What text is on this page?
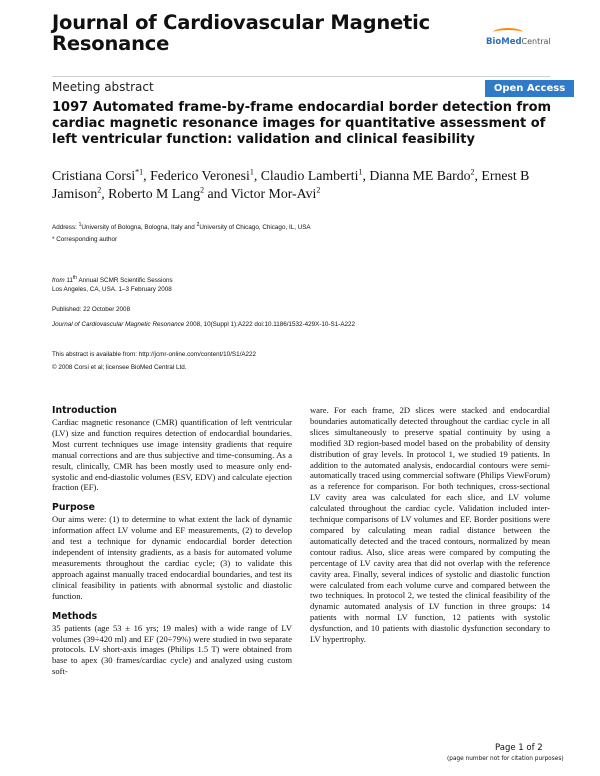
Journal of Cardiovascular Magnetic Resonance	BioMedCentral
Meeting abstract	Open Access
1097 Automated frame-by-frame endocardial border detection from cardiac magnetic resonance images for quantitative assessment of left ventricular function: validation and clinical feasibility
Cristiana Corsi$^{*1}$, Federico Veronesi$^1$, Claudio Lamberti$^1$, Dianna ME Bardo$^2$, Ernest B Jamison$^2$, Roberto M Lang$^2$ and Victor Mor-Avi$^2$
Address: $^1$University of Bologna, Bologna, Italy and $^2$University of Chicago, Chicago, IL, USA
* Corresponding author
from 11th Annual SCMR Scientific Sessions
Los Angeles, CA, USA. 1–3 February 2008
Published: 22 October 2008
Journal of Cardiovascular Magnetic Resonance 2008, 10(Suppl 1):A222 doi:10.1186/1532-429X-10-S1-A222
This abstract is available from: http://jcmr-online.com/content/10/S1/A222
© 2008 Corsi et al; licensee BioMed Central Ltd.
Introduction
Cardiac magnetic resonance (CMR) quantification of left ventricular (LV) size and function requires detection of endocardial boundaries. Most current techniques use image intensity gradients that require manual corrections and are thus subjective and time-consuming. As a result, clinically, CMR has been mostly used to measure only end-systolic and end-diastolic volumes (ESV, EDV) and calculate ejection fraction (EF).
Purpose
Our aims were: (1) to determine to what extent the lack of dynamic information affect LV volume and EF measurements, (2) to develop and test a technique for dynamic endocardial border detection independent of intensity gradients, as a basis for automated volume measurements throughout the cardiac cycle; (3) to validate this approach against manually traced endocardial boundaries, and test its clinical feasibility in patients with abnormal systolic and diastolic function.
Methods
35 patients (age 53 ± 16 yrs; 19 males) with a wide range of LV volumes (39÷420 ml) and EF (20÷79%) were studied in two separate protocols. LV short-axis images (Philips 1.5 T) were obtained from base to apex (30 frames/cardiac cycle) and analyzed using custom soft-
ware. For each frame, 2D slices were stacked and endocardial boundaries automatically detected throughout the cardiac cycle in all slices simultaneously to preserve spatial continuity by using a modified 3D region-based model based on the probability of density distribution of gray levels. In protocol 1, we studied 19 patients. In addition to the automated analysis, endocardial contours were semi-automatically traced using commercial software (Philips ViewForum) as a reference for comparison. For both techniques, cross-sectional LV cavity area was calculated for each slice, and LV volume calculated throughout the cardiac cycle. Validation included inter-technique comparisons of LV volumes and EF. Border positions were compared by calculating mean radial distance between the automatically detected and the traced contours, normalized by mean contour radius. Also, slice areas were compared by computing the percentage of LV cavity area that did not overlap with the reference cavity area. Finally, several indices of systolic and diastolic function were calculated from each volume curve and compared between the two techniques. In protocol 2, we tested the clinical feasibility of the dynamic automated analysis of LV function in three groups: 14 patients with normal LV function, 12 patients with systolic dysfunction, and 10 patients with diastolic dysfunction secondary to LV hypertrophy.
Page 1 of 2
(page number not for citation purposes)
